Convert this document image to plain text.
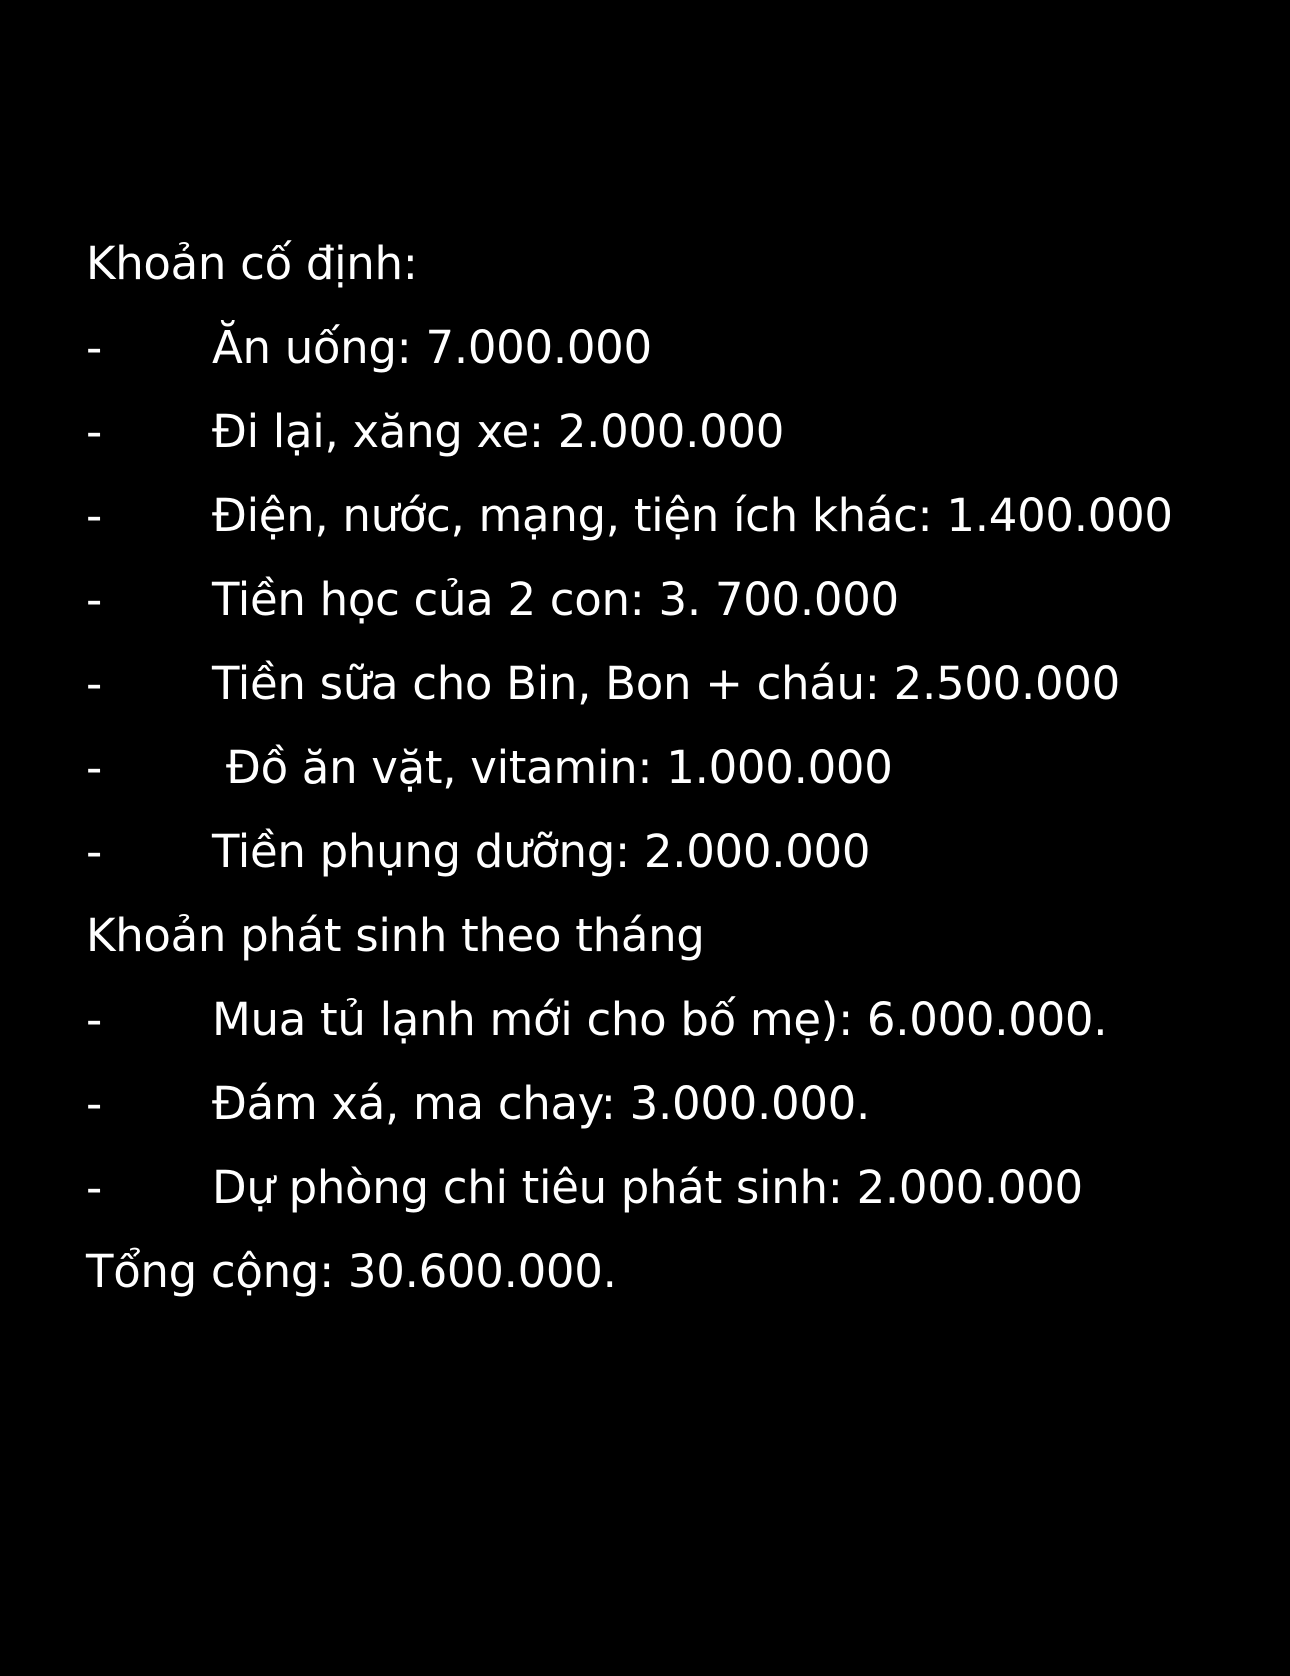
Khoản cố định:
-	Ăn uống: 7.000.000
-	Đi lại, xăng xe: 2.000.000
-	Điện, nước, mạng, tiện ích khác: 1.400.000
-	Tiền học của 2 con: 3. 700.000
-	Tiền sữa cho Bin, Bon + cháu: 2.500.000
-	Đồ ăn vặt, vitamin: 1.000.000
-	Tiền phụng dưỡng: 2.000.000
Khoản phát sinh theo tháng
-	Mua tủ lạnh mới cho bố mẹ): 6.000.000.
-	Đám xá, ma chay: 3.000.000.
-	Dự phòng chi tiêu phát sinh: 2.000.000
Tổng cộng: 30.600.000.
